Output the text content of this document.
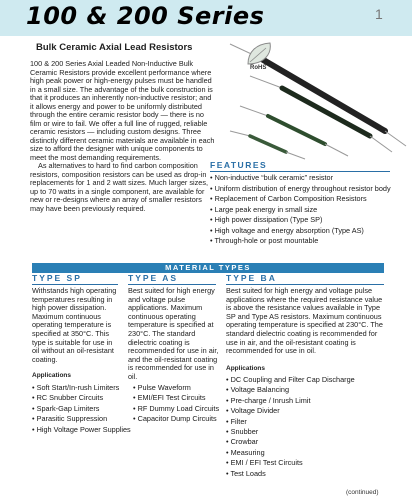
100 & 200 Series	1
Bulk Ceramic Axial Lead Resistors
RoHS

100 & 200 Series Axial Leaded Non-Inductive Bulk Ceramic Resistors provide excellent performance where high peak power or high-energy pulses must be handled in a small size. The advantage of the bulk construction is that it produces an inherently non-inductive resistor; and it allows energy and power to be uniformly distributed through the entire ceramic resistor body — there is no film or wire to fail. We offer a full line of rugged, reliable ceramic resistors — including custom designs. Three distinctly different ceramic materials are available in each size to afford the designer with unique components to meet the most demanding requirements.

As alternatives to hard to find carbon composition resistors, composition resistors can be used as drop-in replacements for 1 and 2 watt sizes. Much larger sizes, up to 70 watts in a single component, are available for new or re-designs where an array of smaller resistors may have been previously required.

FEATURES
• Non-inductive “bulk ceramic” resistor
• Uniform distribution of energy throughout resistor body
• Replacement of Carbon Composition Resistors
• Large peak energy in small size
• High power dissipation (Type SP)
• High voltage and energy absorption (Type AS)
• Through-hole or post mountable
MATERIAL TYPES
TYPE SP	TYPE AS	TYPE BA
Withstands high operating temperatures resulting in high power dissipation. Maximum continuous operating temperature is specified at 350°C. This type is suitable for use in oil without an oil-resistant coating.
Best suited for high energy and voltage pulse applications. Maximum continuous operating temperature is specified at 230°C. The standard dielectric coating is recommended for use in air, and the oil-resistant coating is recommended for use in oil.
Best suited for high energy and voltage pulse applications where the required resistance value is above the resistance values available in Type SP and Type AS resistors. Maximum continuous operating temperature is specified at 230°C. The standard dielectric coating is recommended for use in air, and the oil-resistant coating is recommended for use in oil.
Applications
• Soft Start/In-rush Limiters
• RC Snubber Circuits
• Spark-Gap Limiters
• Parasitic Suppression
• High Voltage Power Supplies
• Pulse Waveform
• EMI/EFI Test Circuits
• RF Dummy Load Circuits
• Capacitor Dump Circuits
Applications
• DC Coupling and Filter Cap Discharge
• Voltage Balancing
• Pre-charge / Inrush Limit
• Voltage Divider
• Filter
• Snubber
• Crowbar
• Measuring
• EMI / EFI Test Circuits
• Test Loads
(continued)
